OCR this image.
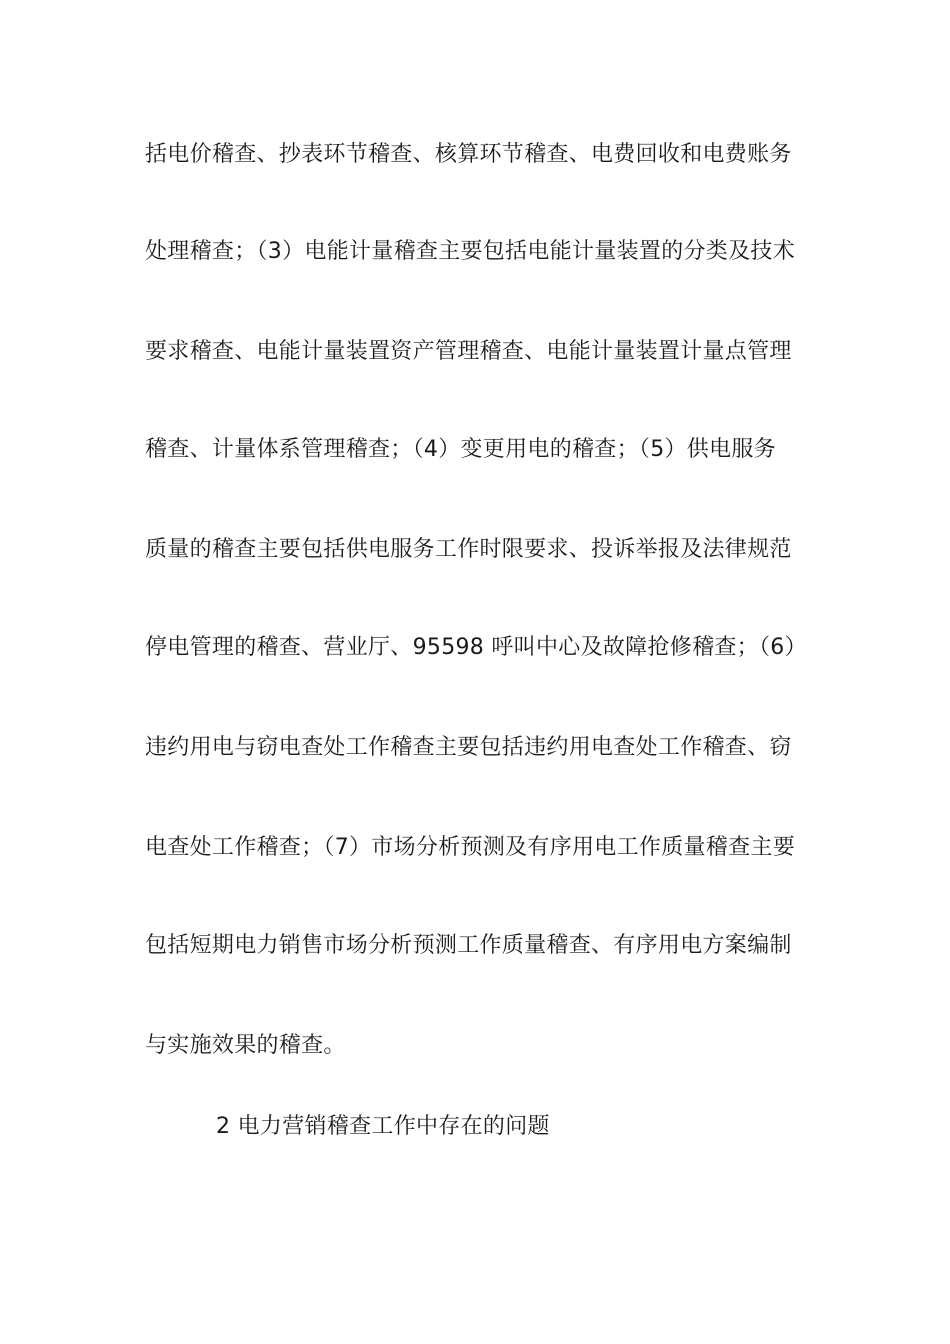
括电价稽查、抄表环节稽查、核算环节稽查、电费回收和电费账务
处理稽查；（3）电能计量稽查主要包括电能计量装置的分类及技术
要求稽查、电能计量装置资产管理稽查、电能计量装置计量点管理
稽查、计量体系管理稽查；（4）变更用电的稽查；（5）供电服务
质量的稽查主要包括供电服务工作时限要求、投诉举报及法律规范
停电管理的稽查、营业厅、95598 呼叫中心及故障抢修稽查；（6）
违约用电与窃电查处工作稽查主要包括违约用电查处工作稽查、窃
电查处工作稽查；（7）市场分析预测及有序用电工作质量稽查主要
包括短期电力销售市场分析预测工作质量稽查、有序用电方案编制
与实施效果的稽查。
2 电力营销稽查工作中存在的问题
